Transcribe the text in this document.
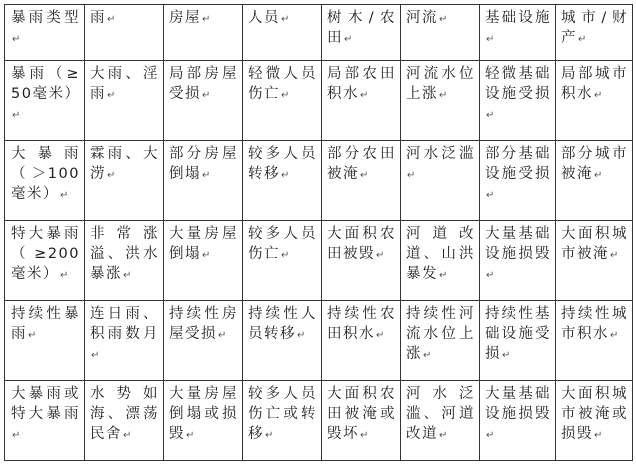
暴雨类型↵	雨↵	房屋↵	人员↵	树木/农田↵	河流↵	基础设施↵	城市/财产↵
暴雨（≥50毫米）↵	大雨、淫雨↵	局部房屋受损↵	轻微人员伤亡↵	局部农田积水↵	河流水位上涨↵	轻微基础设施受损↵	局部城市积水↵
大暴雨（＞100毫米）↵	霖雨、大涝↵	部分房屋倒塌↵	较多人员转移↵	部分农田被淹↵	河水泛滥↵	部分基础设施受损↵	部分城市被淹↵
特大暴雨（≥200毫米）↵	非常涨溢、洪水暴涨↵	大量房屋倒塌↵	较多人员伤亡↵	大面积农田被毁↵	河道改道、山洪暴发↵	大量基础设施损毁↵	大面积城市被淹↵
持续性暴雨↵	连日雨、积雨数月↵	持续性房屋受损↵	持续性人员转移↵	持续性农田积水↵	持续性河流水位上涨↵	持续性基础设施受损↵	持续性城市积水↵
大暴雨或特大暴雨↵	水势如海、漂荡民舍↵	大量房屋倒塌或损毁↵	较多人员伤亡或转移↵	大面积农田被淹或毁坏↵	河水泛滥、河道改道↵	大量基础设施损毁↵	大面积城市被淹或损毁↵
